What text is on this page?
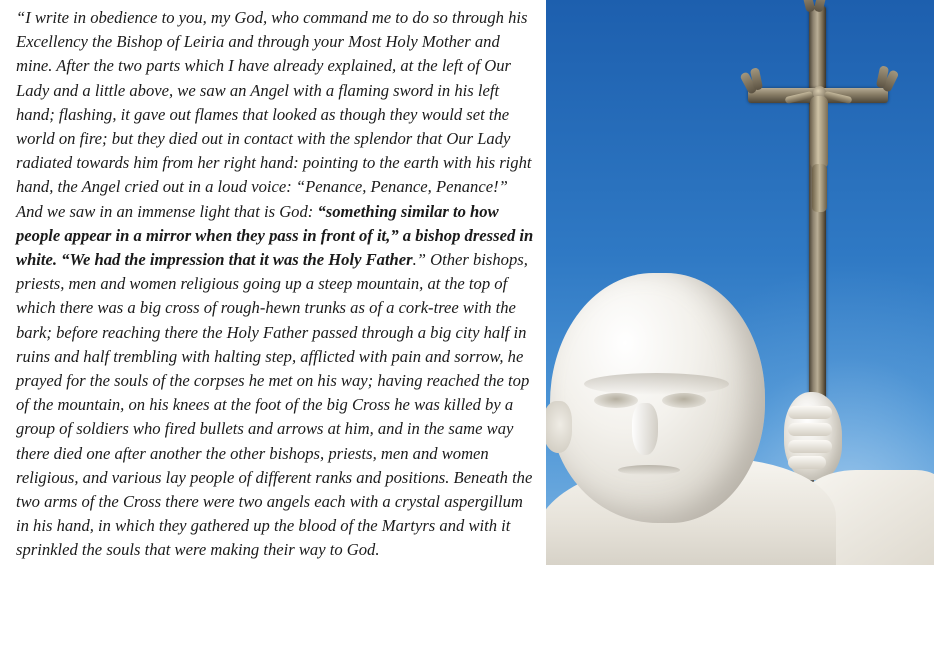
“I write in obedience to you, my God, who command me to do so through his Excellency the Bishop of Leiria and through your Most Holy Mother and mine. After the two parts which I have already explained, at the left of Our Lady and a little above, we saw an Angel with a flaming sword in his left hand; flashing, it gave out flames that looked as though they would set the world on fire; but they died out in contact with the splendor that Our Lady radiated towards him from her right hand: pointing to the earth with his right hand, the Angel cried out in a loud voice: “Penance, Penance, Penance!” And we saw in an immense light that is God: “something similar to how people appear in a mirror when they pass in front of it,” a bishop dressed in white. “We had the impression that it was the Holy Father.” Other bishops, priests, men and women religious going up a steep mountain, at the top of which there was a big cross of rough-hewn trunks as of a cork-tree with the bark; before reaching there the Holy Father passed through a big city half in ruins and half trembling with halting step, afflicted with pain and sorrow, he prayed for the souls of the corpses he met on his way; having reached the top of the mountain, on his knees at the foot of the big Cross he was killed by a group of soldiers who fired bullets and arrows at him, and in the same way there died one after another the other bishops, priests, men and women religious, and various lay people of different ranks and positions. Beneath the two arms of the Cross there were two angels each with a crystal aspergillum in his hand, in which they gathered up the blood of the Martyrs and with it sprinkled the souls that were making their way to God.
